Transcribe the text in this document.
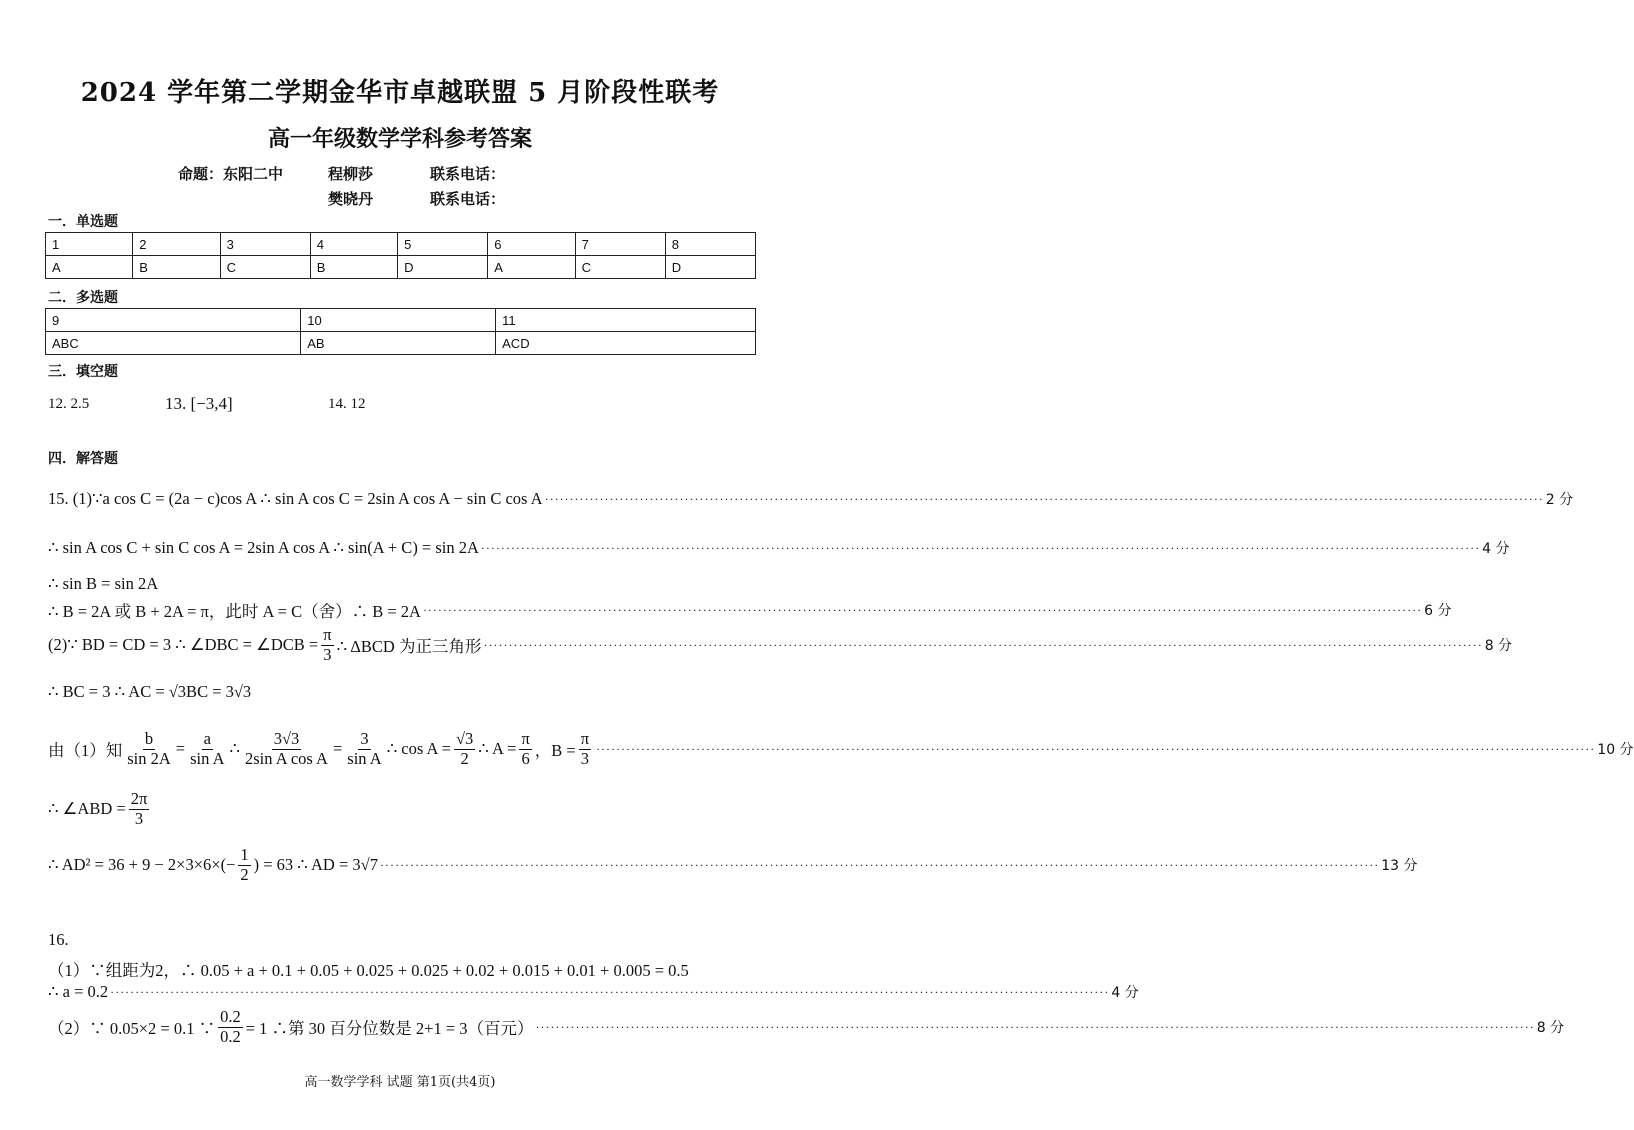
2024 学年第二学期金华市卓越联盟 5 月阶段性联考
高一年级数学学科参考答案
命题：东阳二中	程柳莎	联系电话：
樊晓丹	联系电话：
一．单选题
1	2	3	4	5	6	7	8
A	B	C	B	D	A	C	D
二．多选题
9	10	11
ABC	AB	ACD
三．填空题
12. 2.5	13. [−3,4]	14. 12
四．解答题
15. (1)∵ a cos C = (2a − c)cos A ∴ sin A cos C = 2sin A cos A − sin C cos A ········································································································································································································ 2 分
∴ sin A cos C + sin C cos A = 2sin A cos A ∴ sin(A + C) = sin 2A ········································································································································································································ 4 分
∴ sin B = sin 2A
∴ B = 2A 或 B + 2A = π，此时 A = C（舍）∴ B = 2A ········································································································································································································ 6 分
(2)∵ BD = CD = 3 ∴ ∠DBC = ∠DCB = $\frac{\pi}{3}$ ∴ ΔBCD 为正三角形 ········································································································································································································ 8 分
∴ BC = 3 ∴ AC = √3BC = 3√3
由（1）知 $\frac{b}{\sin 2A} = \frac{a}{\text{sin A}}$ ∴ $\frac{3√3}{\text{2sin A cos A}} = \frac{3}{\text{sin A}}$ ∴ $\cos A = \frac{√3}{2}$ ∴ $A = \frac{\pi}{6}$ ，$B = \frac{\pi}{3}$ ········································································································································································································ 10 分
∴ ∠ABD = $\frac{2\pi}{3}$
∴ $AD^2 = 36 + 9 - 2\times 3\times 6\times(- \frac{1}{2}$ ) = 63 ∴ AD = 3√7 ········································································································································································································ 13 分
16.
（1）∵组距为2，∴ 0.05 + a + 0.1 + 0.05 + 0.025 + 0.025 + 0.02 + 0.015 + 0.01 + 0.005 = 0.5
∴ a = 0.2 ········································································································································································································ 4 分
（2）∵ 0.05×2 = 0.1 ∵ $\frac{0.2}{0.2} = 1$ ∴第 30 百分位数是 2+1 = 3（百元） ········································································································································································································ 8 分
高一数学学科 试题 第1页(共4页)
